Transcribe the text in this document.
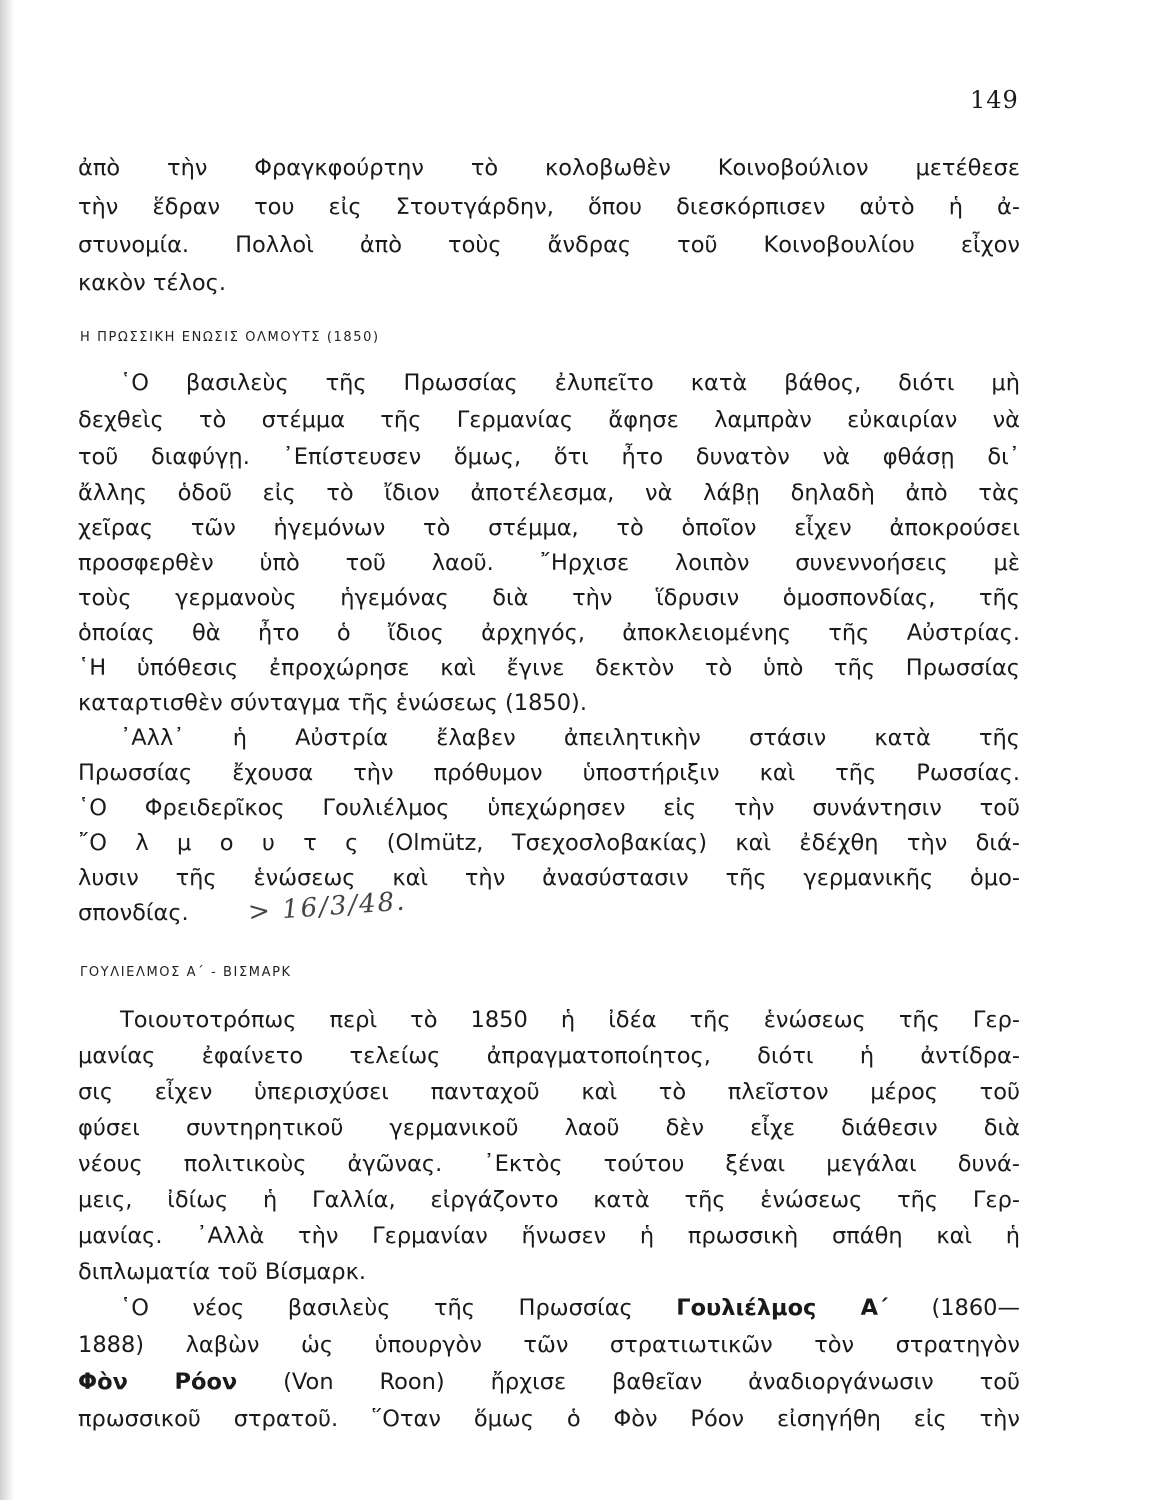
149
ἀπὸ τὴν Φραγκφούρτην τὸ κολοβωθὲν Κοινοβούλιον μετέθεσε
τὴν ἕδραν του εἰς Στουτγάρδην, ὅπου διεσκόρπισεν αὐτὸ ἡ ἀ-
στυνομία. Πολλοὶ ἀπὸ τοὺς ἄνδρας τοῦ Κοινοβουλίου εἶχον
κακὸν τέλος.
Η ΠΡΩΣΣΙΚΗ ΕΝΩΣΙΣ ΟΛΜΟΥΤΣ (1850)
῾Ο βασιλεὺς τῆς Πρωσσίας ἐλυπεῖτο κατὰ βάθος, διότι μὴ
δεχθεὶς τὸ στέμμα τῆς Γερμανίας ἄφησε λαμπρὰν εὐκαιρίαν νὰ
τοῦ διαφύγῃ. ᾿Επίστευσεν ὅμως, ὅτι ἦτο δυνατὸν νὰ φθάσῃ δι᾿
ἄλλης ὁδοῦ εἰς τὸ ἴδιον ἀποτέλεσμα, νὰ λάβῃ δηλαδὴ ἀπὸ τὰς
χεῖρας τῶν ἡγεμόνων τὸ στέμμα, τὸ ὁποῖον εἶχεν ἀποκρούσει
προσφερθὲν ὑπὸ τοῦ λαοῦ. ῎Ηρχισε λοιπὸν συνεννοήσεις μὲ
τοὺς γερμανοὺς ἡγεμόνας διὰ τὴν ἵδρυσιν ὁμοσπονδίας, τῆς
ὁποίας θὰ ἦτο ὁ ἴδιος ἀρχηγός, ἀποκλειομένης τῆς Αὐστρίας.
῾Η ὑπόθεσις ἐπροχώρησε καὶ ἔγινε δεκτὸν τὸ ὑπὸ τῆς Πρωσσίας
καταρτισθὲν σύνταγμα τῆς ἑνώσεως (1850).
᾿Αλλ᾿ ἡ Αὐστρία ἔλαβεν ἀπειλητικὴν στάσιν κατὰ τῆς
Πρωσσίας ἔχουσα τὴν πρόθυμον ὑποστήριξιν καὶ τῆς Ρωσσίας.
῾Ο Φρειδερῖκος Γουλιέλμος ὑπεχώρησεν εἰς τὴν συνάντησιν τοῦ
῎Ο λ μ ο υ τ ς (Olmütz, Τσεχοσλοβακίας) καὶ ἐδέχθη τὴν διά-
λυσιν τῆς ἑνώσεως καὶ τὴν ἀνασύστασιν τῆς γερμανικῆς ὁμο-
σπονδίας.	> 16/3/48.
ΓΟΥΛΙΕΛΜΟΣ Α΄ - ΒΙΣΜΑΡΚ
Τοιουτοτρόπως περὶ τὸ 1850 ἡ ἰδέα τῆς ἑνώσεως τῆς Γερ-
μανίας ἐφαίνετο τελείως ἀπραγματοποίητος, διότι ἡ ἀντίδρα-
σις εἶχεν ὑπερισχύσει πανταχοῦ καὶ τὸ πλεῖστον μέρος τοῦ
φύσει συντηρητικοῦ γερμανικοῦ λαοῦ δὲν εἶχε διάθεσιν διὰ
νέους πολιτικοὺς ἀγῶνας. ᾿Εκτὸς τούτου ξέναι μεγάλαι δυνά-
μεις, ἰδίως ἡ Γαλλία, εἰργάζοντο κατὰ τῆς ἑνώσεως τῆς Γερ-
μανίας. ᾿Αλλὰ τὴν Γερμανίαν ἥνωσεν ἡ πρωσσικὴ σπάθη καὶ ἡ
διπλωματία τοῦ Βίσμαρκ.
῾Ο νέος βασιλεὺς τῆς Πρωσσίας Γουλιέλμος Α΄ (1860—
1888) λαβὼν ὡς ὑπουργὸν τῶν στρατιωτικῶν τὸν στρατηγὸν
Φὸν Ρόον (Von Roon) ἤρχισε βαθεῖαν ἀναδιοργάνωσιν τοῦ
πρωσσικοῦ στρατοῦ. ῞Οταν ὅμως ὁ Φὸν Ρόον εἰσηγήθη εἰς τὴν
